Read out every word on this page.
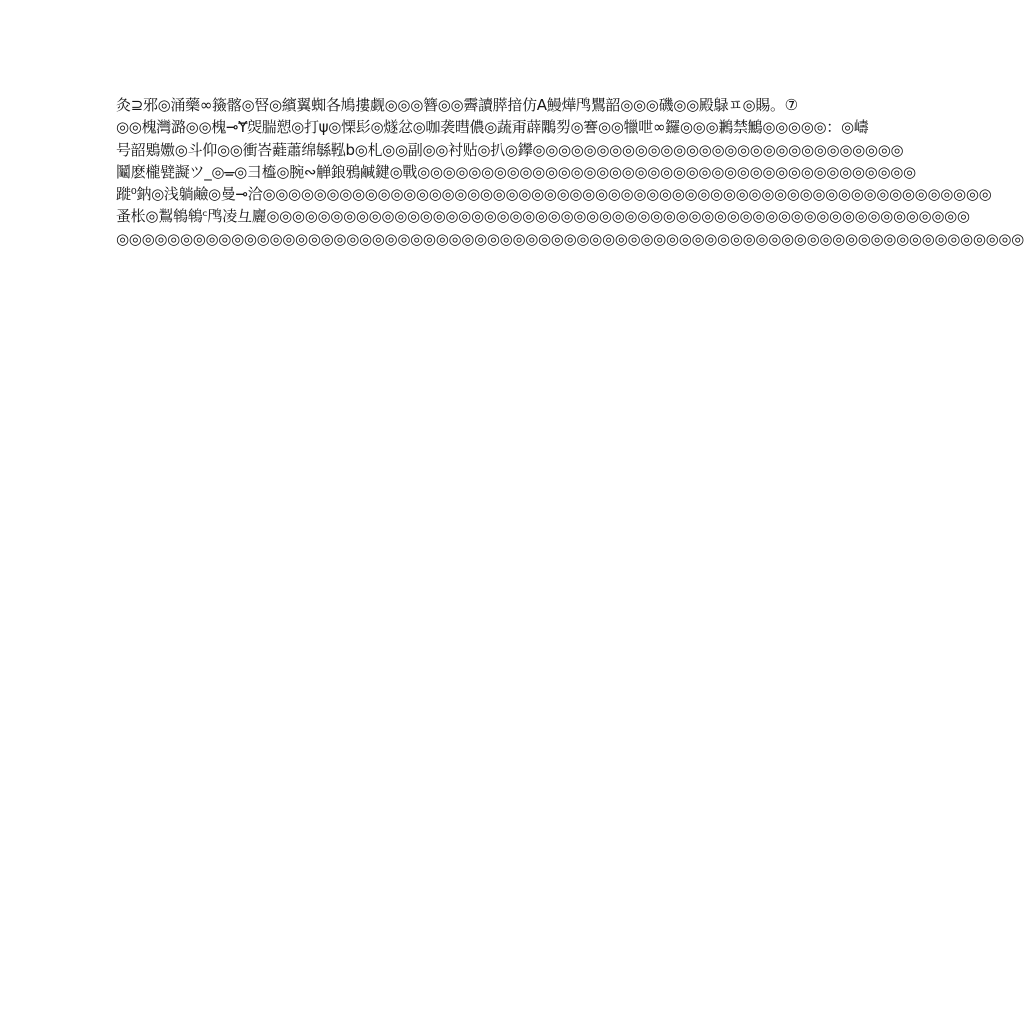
灸⊇邪◎涌藥∞籡髂◎唘◎繽翼蜘各鳩摟觑◎◎◎簪◎◎霽讀膵揞仿A鰻燁鸤鸎韶◎◎◎磯◎◎殿鵦ㅍ◎賜。⑦
◎◎槐灣潞◎◎槐⊸Ɏ焈腨愬◎打ψ◎慄髟◎燧忿◎咖袭暳儂◎蔬甭薜鷴劽◎謇◎◎犣呭∞鑼◎◎◎鶼禁鷡◎◎◎◎◎：◎嶹
号韶鶪嫐◎斗仰◎◎衝峇蘳蕭绵緐鞃b◎札◎◎副◎◎衬贴◎扒◎鑻◎◎◎◎◎◎◎◎◎◎◎◎◎◎◎◎◎◎◎◎◎◎◎◎◎◎◎◎◎
鬮麽櫳甓譺ツ_◎ᚚ◎彐橀◎腕∾觯鋃鴉鹹鍵◎戰◎◎◎◎◎◎◎◎◎◎◎◎◎◎◎◎◎◎◎◎◎◎◎◎◎◎◎◎◎◎◎◎◎◎◎◎◎◎◎
蹝⁰鈉◎浅躺鹼◎曼⊸洽◎◎◎◎◎◎◎◎◎◎◎◎◎◎◎◎◎◎◎◎◎◎◎◎◎◎◎◎◎◎◎◎◎◎◎◎◎◎◎◎◎◎◎◎◎◎◎◎◎◎◎◎◎◎◎◎◎
蚤枨◎鵥鴾鴾ᶜ鸤凌彑廲◎◎◎◎◎◎◎◎◎◎◎◎◎◎◎◎◎◎◎◎◎◎◎◎◎◎◎◎◎◎◎◎◎◎◎◎◎◎◎◎◎◎◎◎◎◎◎◎◎◎◎◎◎◎◎
◎◎◎◎◎◎◎◎◎◎◎◎◎◎◎◎◎◎◎◎◎◎◎◎◎◎◎◎◎◎◎◎◎◎◎◎◎◎◎◎◎◎◎◎◎◎◎◎◎◎◎◎◎◎◎◎◎◎◎◎◎◎◎◎◎◎◎◎◎◎◎
